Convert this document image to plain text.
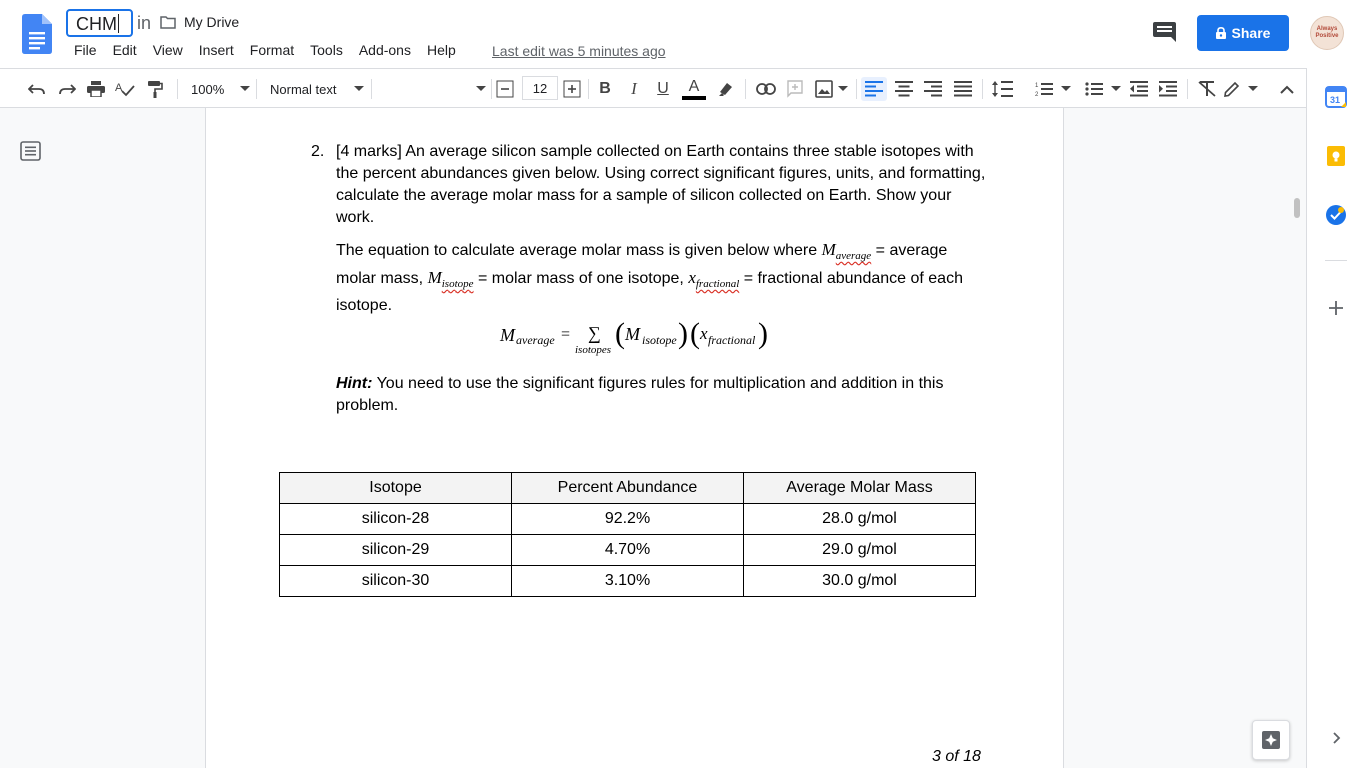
CHM	in My Drive
File	Edit	View	Insert	Format	Tools	Add-ons	Help	Last edit was 5 minutes ago
Share	Always Positive
A	100%	Normal text	B	I	U	A	1
2
12
2. [4 marks] An average silicon sample collected on Earth contains three stable isotopes with the percent abundances given below. Using correct significant figures, units, and formatting, calculate the average molar mass for a sample of silicon collected on Earth. Show your work.
The equation to calculate average molar mass is given below where $M_{average}$ = average molar mass, $M_{isotope}$ = molar mass of one isotope, $x_{fractional}$ = fractional abundance of each isotope.
M average = ∑
isotopes ( M isotope ) ( x fractional )
Hint: You need to use the significant figures rules for multiplication and addition in this problem.
Isotope	Percent Abundance	Average Molar Mass
silicon-28	92.2%	28.0 g/mol
silicon-29	4.70%	29.0 g/mol
silicon-30	3.10%	30.0 g/mol
3 of 18
31
